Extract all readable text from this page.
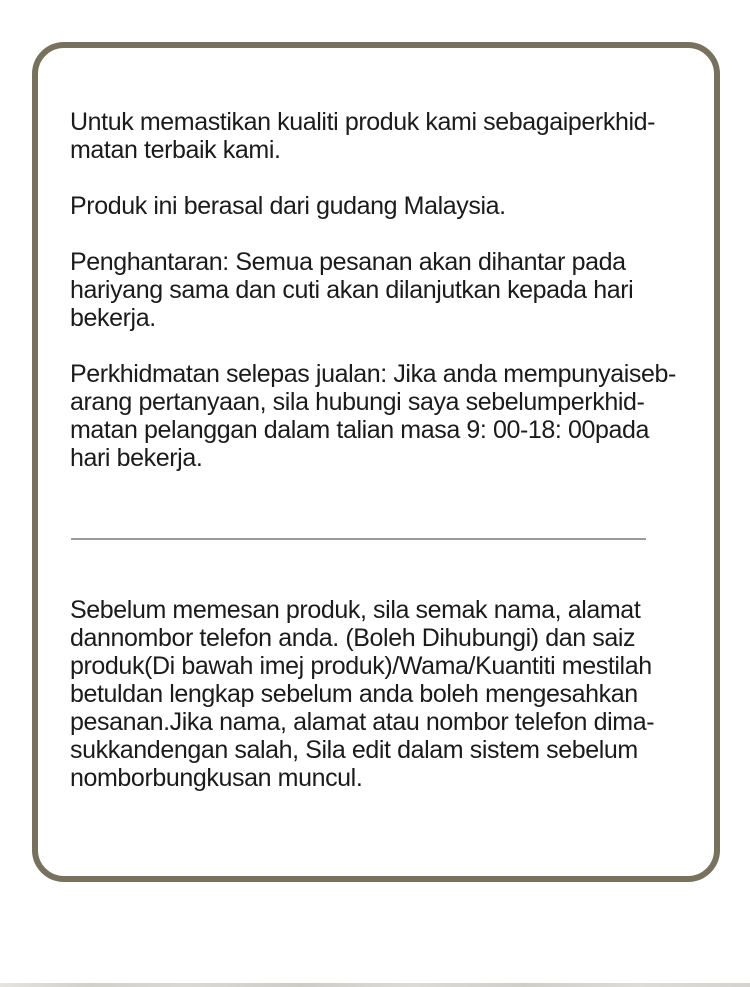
Untuk memastikan kualiti produk kami sebagaiperkhid-
matan terbaik kami.
Produk ini berasal dari gudang Malaysia.
Penghantaran: Semua pesanan akan dihantar pada
hariyang sama dan cuti akan dilanjutkan kepada hari
bekerja.
Perkhidmatan selepas jualan: Jika anda mempunyaiseb-
arang pertanyaan, sila hubungi saya sebelumperkhid-
matan pelanggan dalam talian masa 9: 00-18: 00pada
hari bekerja.
Sebelum memesan produk, sila semak nama, alamat
dannombor telefon anda. (Boleh Dihubungi) dan saiz
produk(Di bawah imej produk)/Wama/Kuantiti mestilah
betuldan lengkap sebelum anda boleh mengesahkan
pesanan.Jika nama, alamat atau nombor telefon dima-
sukkandengan salah, Sila edit dalam sistem sebelum
nomborbungkusan muncul.
